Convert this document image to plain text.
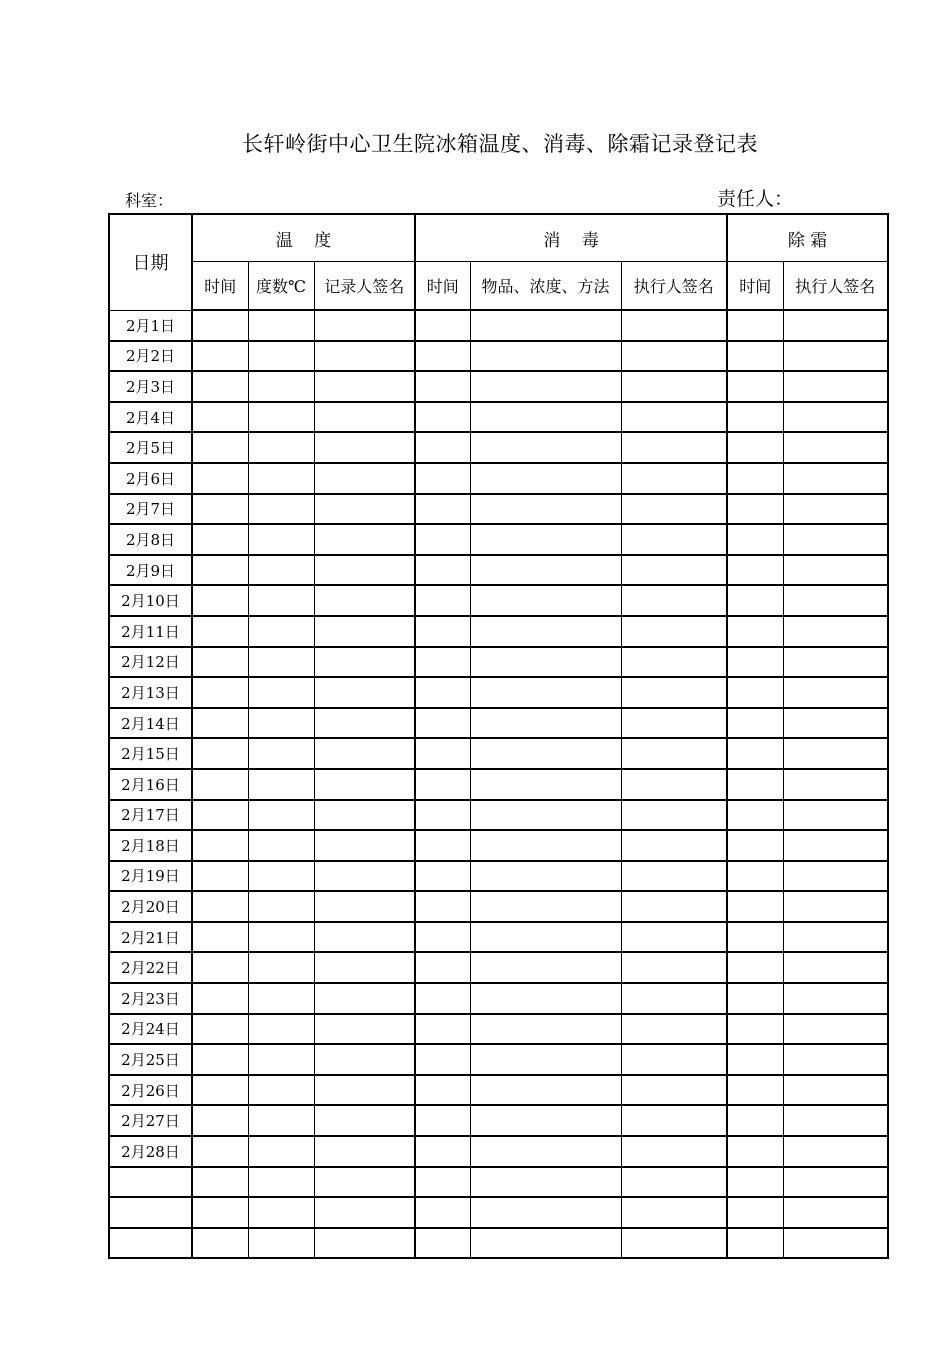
长轩岭街中心卫生院冰箱温度、消毒、除霜记录登记表
科室：	责任人：
日期	温    度			消    毒			除 霜	
	时间	度数℃	记录人签名	时间	物品、浓度、方法	执行人签名	时间	执行人签名
2月1日								
2月2日								
2月3日								
2月4日								
2月5日								
2月6日								
2月7日								
2月8日								
2月9日								
2月10日								
2月11日								
2月12日								
2月13日								
2月14日								
2月15日								
2月16日								
2月17日								
2月18日								
2月19日								
2月20日								
2月21日								
2月22日								
2月23日								
2月24日								
2月25日								
2月26日								
2月27日								
2月28日								
